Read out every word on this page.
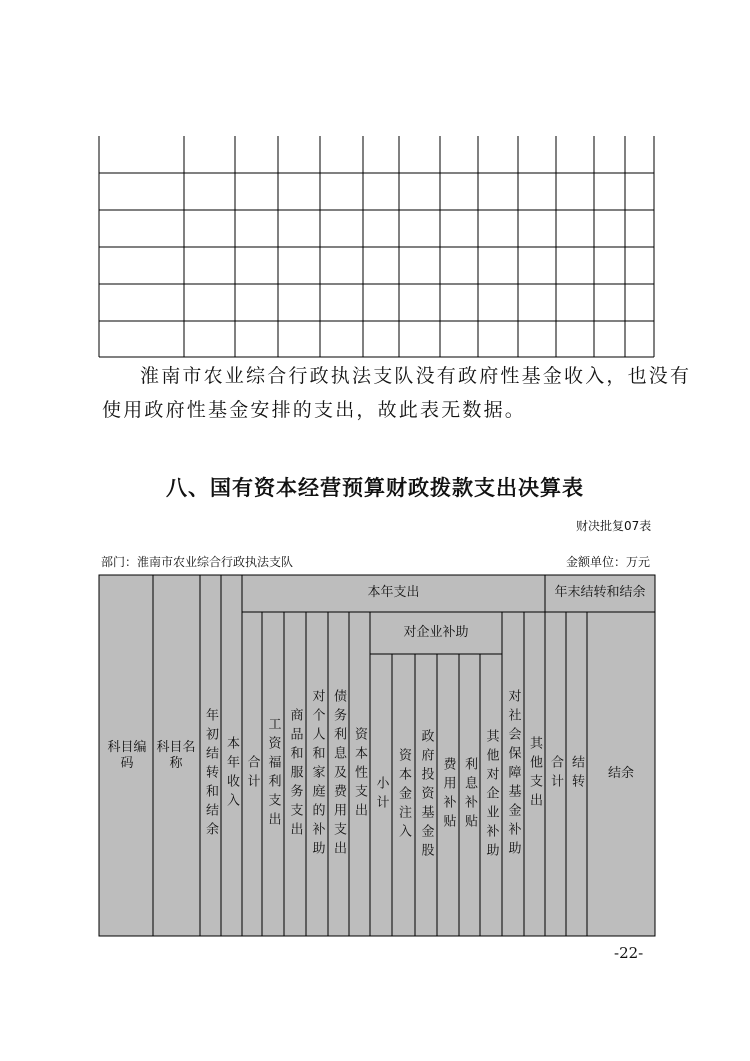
淮南市农业综合行政执法支队没有政府性基金收入，也没有
使用政府性基金安排的支出，故此表无数据。
八、国有资本经营预算财政拨款支出决算表
财决批复07表
部门：淮南市农业综合行政执法支队	金额单位：万元
科目编码
科目名称	年初结转和结余 本年收入
本年支出
合计 工资福利支出 商品和服务支出 对个人和家庭的补助 债务利息及费用支出 资本性支出
对企业补助
小计 资本金注入 政府投资基金股 费用补贴 利息补贴 其他对企业补助 对社会保障基金补助 其他支出
年末结转和结余
合计 结转	结余
-22-
